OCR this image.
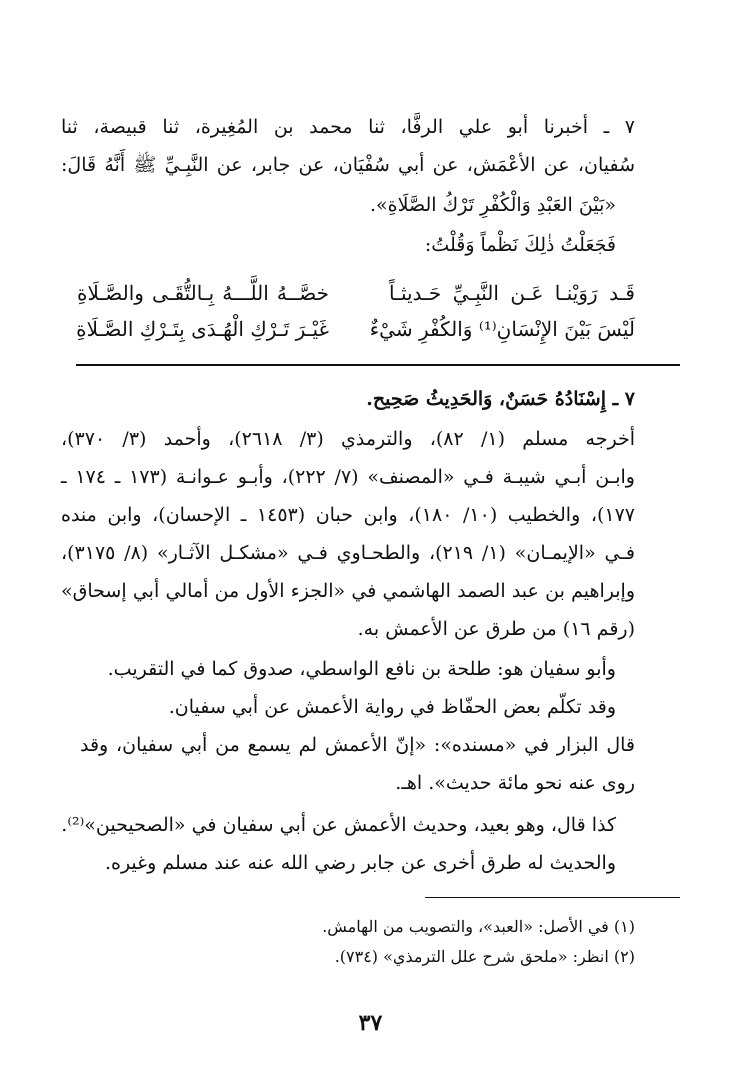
٧ ـ أخبرنا أبو علي الرفَّا، ثنا محمد بن المُغِيرة، ثنا قبيصة، ثنا
سُفيان، عن الأعْمَش، عن أبي سُفْيَان، عن جابر، عن النَّبِـيِّ ﷺ أَنَّهُ قَالَ:
«بَيْنَ العَبْدِ وَالْكُفْرِ تَرْكُ الصَّلَاةِ».
فَجَعَلْتُ ذٰلِكَ نَظْماً وَقُلْتُ:
قَـد رَوَيْنـا عَـن النَّبِـيِّ حَـديثـاً
خصَّــهُ اللَّـــهُ بِـالتُّقَـى والصَّـلَاةِ
لَيْسَ بَيْنَ الإِنْسَانِ⁽¹⁾ وَالكُفْرِ شَيْءٌ
غَيْـرَ تَـرْكِ الْهُـدَى بِتَـرْكِ الصَّـلَاةِ
٧ ـ إِسْنَادُهُ حَسَنٌ، وَالحَدِيثُ صَحِيح.
أخرجه مسلم (١/ ٨٢)، والترمذي (٣/ ٢٦١٨)، وأحمد (٣/ ٣٧٠)،
وابـن أبـي شيبـة فـي «المصنف» (٧/ ٢٢٢)، وأبـو عـوانـة (١٧٣ ـ ١٧٤ ـ
١٧٧)، والخطيب (١٠/ ١٨٠)، وابن حبان (١٤٥٣ ـ الإحسان)، وابن منده
فـي «الإيمـان» (١/ ٢١٩)، والطحـاوي فـي «مشكـل الآثـار» (٨/ ٣١٧٥)،
وإبراهيم بن عبد الصمد الهاشمي في «الجزء الأول من أمالي أبي إسحاق»
(رقم ١٦) من طرق عن الأعمش به.
وأبو سفيان هو: طلحة بن نافع الواسطي، صدوق كما في التقريب.
وقد تكلّم بعض الحفّاظ في رواية الأعمش عن أبي سفيان.
قال البزار في «مسنده»: «إنّ الأعمش لم يسمع من أبي سفيان، وقد
روى عنه نحو مائة حديث». اهـ.
كذا قال، وهو بعيد، وحديث الأعمش عن أبي سفيان في «الصحيحين»⁽²⁾.
والحديث له طرق أخرى عن جابر رضي الله عنه عند مسلم وغيره.
(١) في الأصل: «العبد»، والتصويب من الهامش.
(٢) انظر: «ملحق شرح علل الترمذي» (٧٣٤).
٣٧
